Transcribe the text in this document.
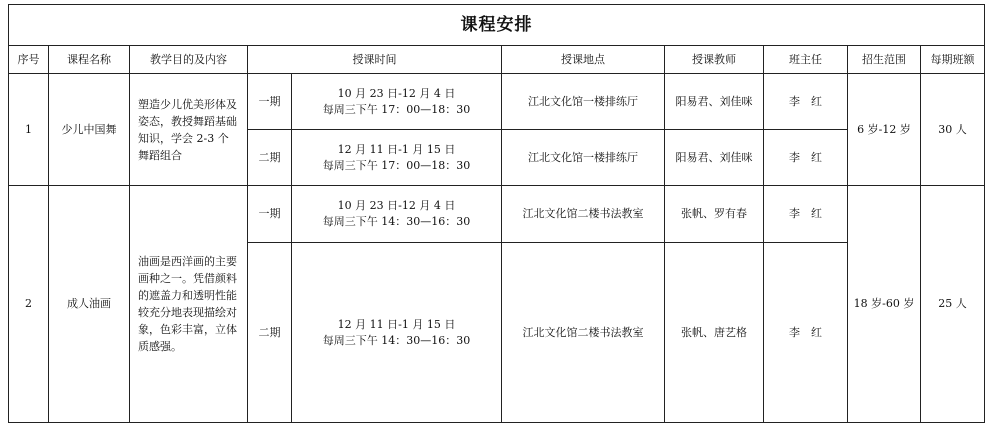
课程安排									
序号	课程名称	教学目的及内容	授课时间		授课地点	授课教师	班主任	招生范围	每期班额
1	少儿中国舞	塑造少儿优美形体及姿态，教授舞蹈基础知识，学会 2-3 个舞蹈组合	一期	10 月 23 日-12 月 4 日
每周三下午 17：00—18：30	江北文化馆一楼排练厅	阳易君、刘佳咪	李　红	6 岁-12 岁	30 人
			二期	12 月 11 日-1 月 15 日
每周三下午 17：00—18：30	江北文化馆一楼排练厅	阳易君、刘佳咪	李　红		
2	成人油画	油画是西洋画的主要画种之一。凭借颜料的遮盖力和透明性能较充分地表现描绘对象，色彩丰富，立体质感强。	一期	10 月 23 日-12 月 4 日
每周三下午 14：30—16：30	江北文化馆二楼书法教室	张帆、罗有春	李　红	18 岁-60 岁	25 人
			二期	12 月 11 日-1 月 15 日
每周三下午 14：30—16：30	江北文化馆二楼书法教室	张帆、唐艺格	李　红		
